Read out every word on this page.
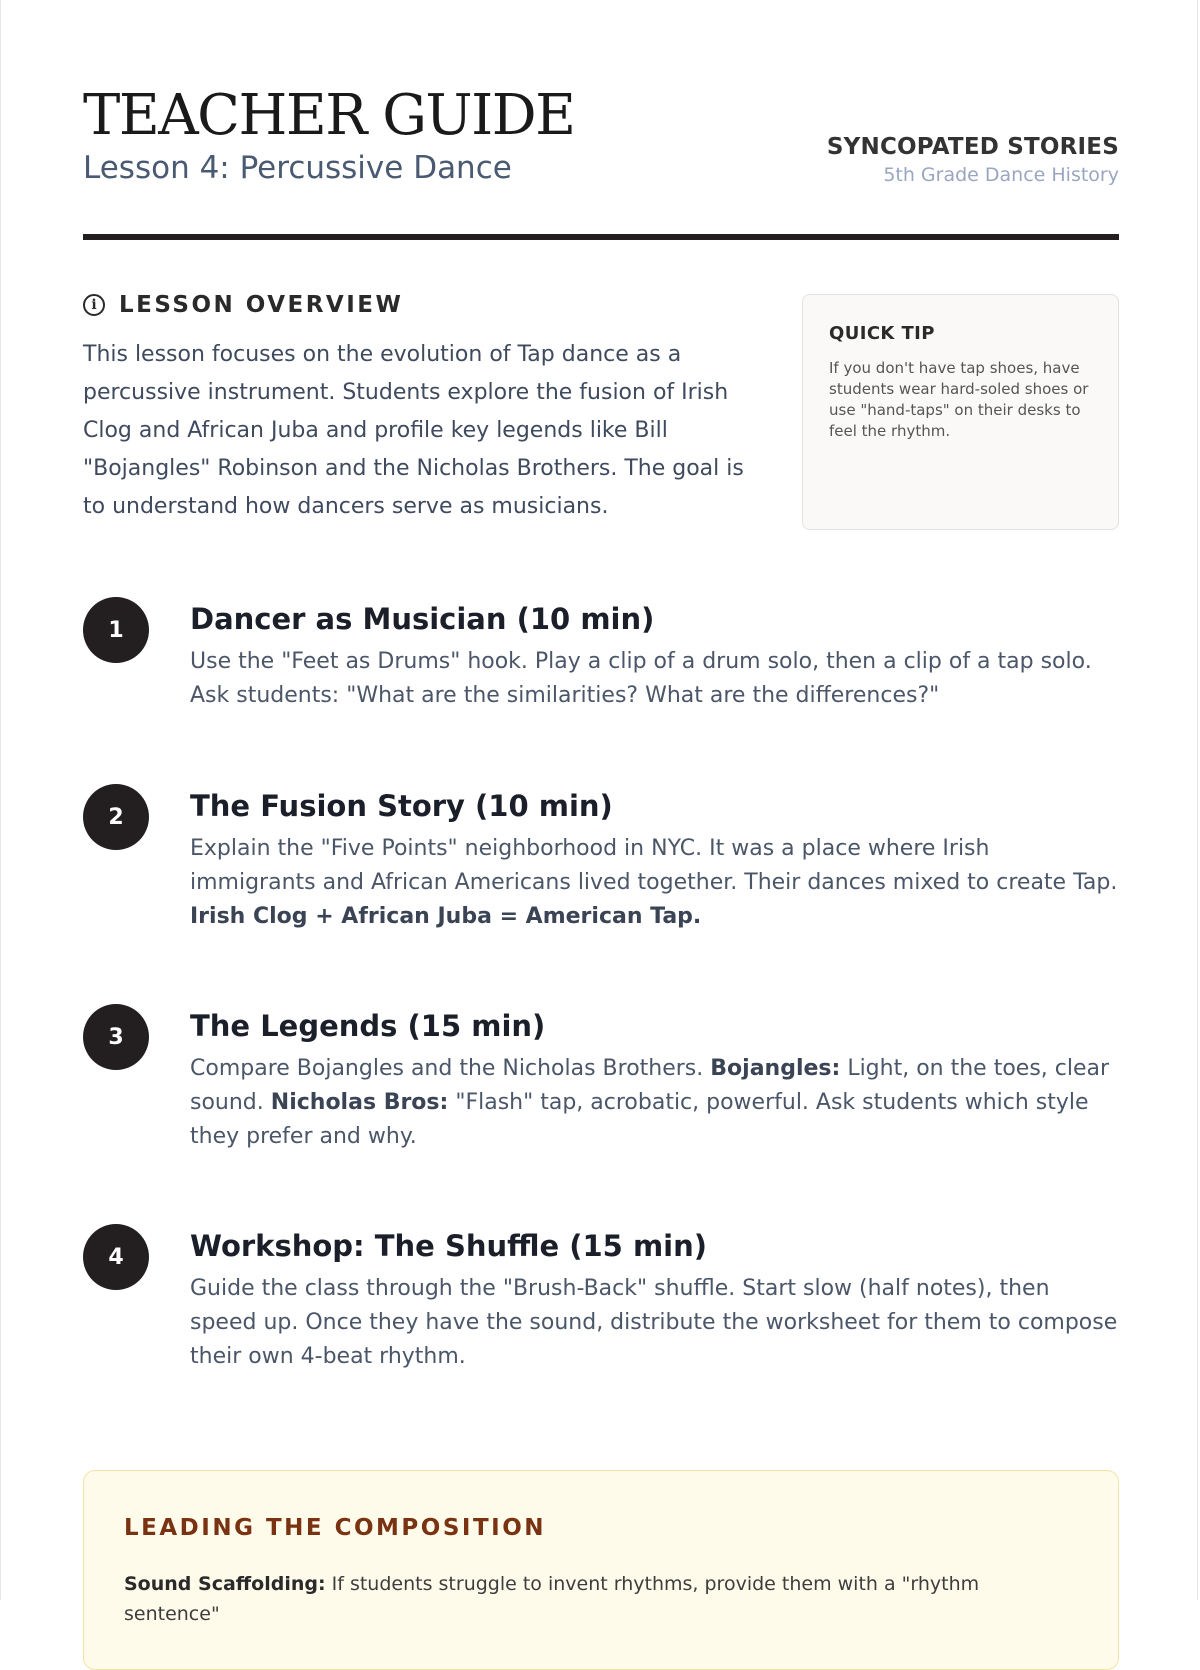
TEACHER GUIDE
Lesson 4: Percussive Dance
SYNCOPATED STORIES
5th Grade Dance History
i LESSON OVERVIEW
This lesson focuses on the evolution of Tap dance as a percussive instrument. Students explore the fusion of Irish Clog and African Juba and profile key legends like Bill "Bojangles" Robinson and the Nicholas Brothers. The goal is to understand how dancers serve as musicians.
QUICK TIP
If you don't have tap shoes, have students wear hard-soled shoes or use "hand-taps" on their desks to feel the rhythm.
1	Dancer as Musician (10 min)
Use the "Feet as Drums" hook. Play a clip of a drum solo, then a clip of a tap solo. Ask students: "What are the similarities? What are the differences?"
2	The Fusion Story (10 min)
Explain the "Five Points" neighborhood in NYC. It was a place where Irish immigrants and African Americans lived together. Their dances mixed to create Tap.
Irish Clog + African Juba = American Tap.
3	The Legends (15 min)
Compare Bojangles and the Nicholas Brothers. Bojangles: Light, on the toes, clear sound. Nicholas Bros: "Flash" tap, acrobatic, powerful. Ask students which style they prefer and why.
4	Workshop: The Shuffle (15 min)
Guide the class through the "Brush-Back" shuffle. Start slow (half notes), then speed up. Once they have the sound, distribute the worksheet for them to compose their own 4-beat rhythm.
LEADING THE COMPOSITION
Sound Scaffolding: If students struggle to invent rhythms, provide them with a "rhythm sentence"
